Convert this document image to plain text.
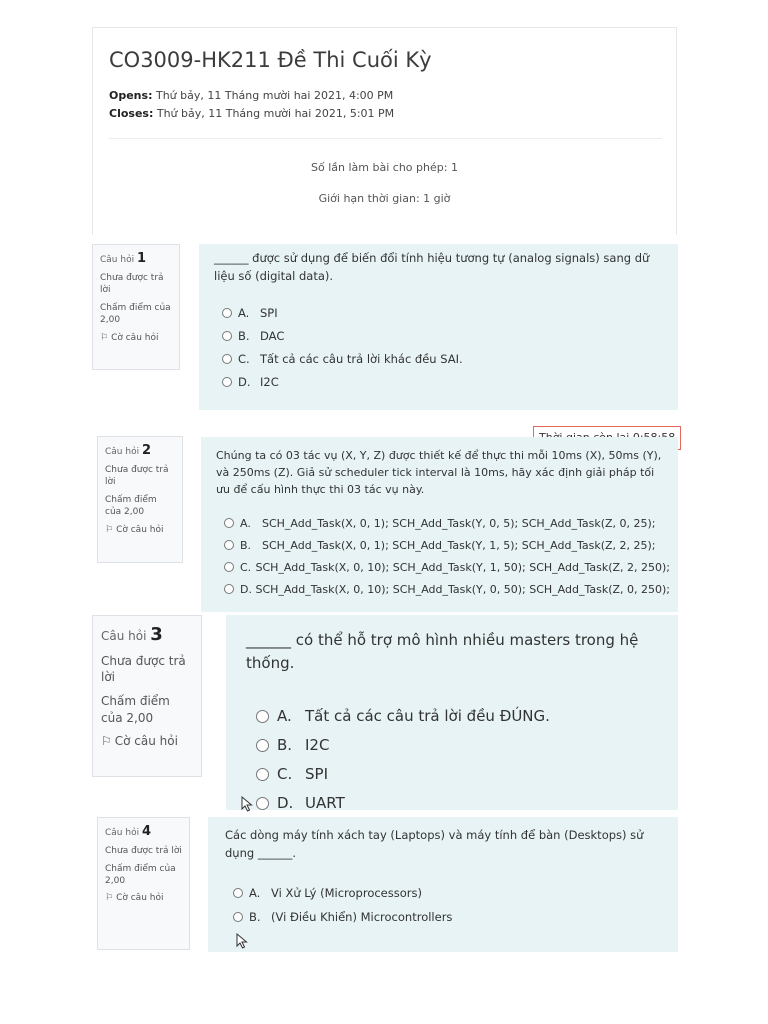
CO3009-HK211 Đề Thi Cuối Kỳ
Opens: Thứ bảy, 11 Tháng mười hai 2021, 4:00 PM
Closes: Thứ bảy, 11 Tháng mười hai 2021, 5:01 PM
Số lần làm bài cho phép: 1
Giới hạn thời gian: 1 giờ
Câu hỏi 1
Chưa được trả lời
Chấm điểm của 2,00
⚐ Cờ câu hỏi

______ được sử dụng để biến đổi tính hiệu tương tự (analog signals) sang dữ liệu số (digital data).

A. SPI
B. DAC
C. Tất cả các câu trả lời khác đều SAI.
D. I2C
Câu hỏi 2
Chưa được trả lời
Chấm điểm của 2,00
⚐ Cờ câu hỏi

Chúng ta có 03 tác vụ (X, Y, Z) được thiết kế để thực thi mỗi 10ms (X), 50ms (Y), và 250ms (Z). Giả sử scheduler tick interval là 10ms, hãy xác định giải pháp tối ưu để cấu hình thực thi 03 tác vụ này.

A.	SCH_Add_Task(X, 0, 1); SCH_Add_Task(Y, 0, 5); SCH_Add_Task(Z, 0, 25);
B. SCH_Add_Task(X, 0, 1); SCH_Add_Task(Y, 1, 5); SCH_Add_Task(Z, 2, 25);
C. SCH_Add_Task(X, 0, 10); SCH_Add_Task(Y, 1, 50); SCH_Add_Task(Z, 2, 250);
D. SCH_Add_Task(X, 0, 10); SCH_Add_Task(Y, 0, 50); SCH_Add_Task(Z, 0, 250);
Câu hỏi 3
Chưa được trả lời
Chấm điểm của 2,00
⚐ Cờ câu hỏi

______ có thể hỗ trợ mô hình nhiều masters trong hệ thống.

A. Tất cả các câu trả lời đều ĐÚNG.
B. I2C
C. SPI
D. UART
Câu hỏi 4
Chưa được trả lời
Chấm điểm của 2,00
⚐ Cờ câu hỏi

Các dòng máy tính xách tay (Laptops) và máy tính để bàn (Desktops) sử dụng ______.

A. Vi Xử Lý (Microprocessors)
B. (Vi Điều Khiển) Microcontrollers
